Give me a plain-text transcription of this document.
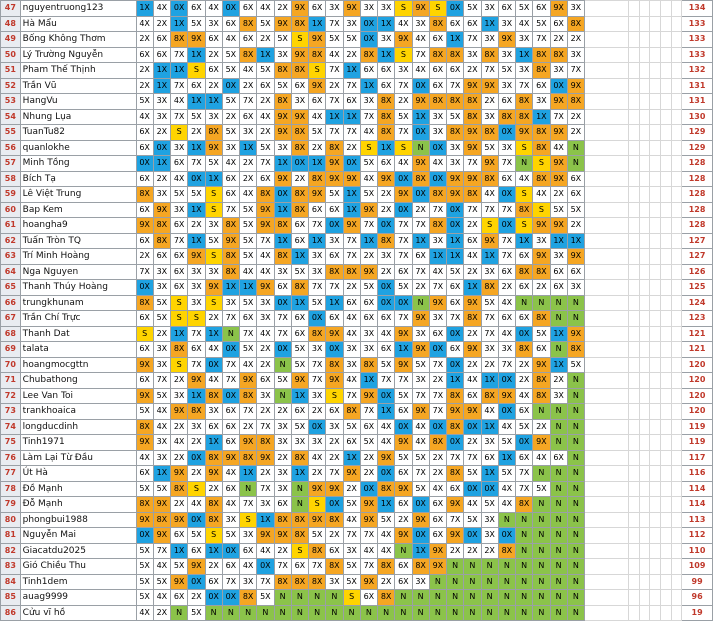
47	nguyentruong123	1X	4X	0X	6X	4X	0X	6X	4X	2X	9X	6X	3X	9X	3X	3X	S	9X	S	0X	5X	3X	6X	5X	6X	9X	3X							134
48	Hà Mẩu	4X	2X	1X	5X	3X	6X	8X	5X	9X	8X	1X	7X	3X	0X	1X	4X	3X	8X	6X	6X	1X	3X	4X	5X	6X	8X							133
49	Bống Không Thơm	2X	6X	8X	9X	6X	4X	6X	2X	5X	S	9X	5X	5X	0X	3X	9X	4X	6X	1X	7X	3X	9X	3X	7X	2X	2X							133
50	Lý Trường Nguyễn	6X	6X	7X	1X	2X	5X	8X	1X	3X	9X	8X	4X	2X	8X	1X	S	7X	8X	8X	3X	8X	3X	1X	8X	8X	3X							133
51	Pham Thế Thịnh	2X	1X	1X	S	6X	5X	4X	5X	8X	8X	S	7X	1X	6X	6X	3X	4X	6X	6X	2X	7X	5X	3X	8X	3X	7X							132
52	Trần Vũ	2X	1X	7X	6X	2X	0X	2X	6X	5X	6X	9X	2X	7X	1X	6X	7X	0X	6X	7X	9X	9X	3X	7X	6X	0X	9X							131
53	HangVu	5X	3X	4X	1X	1X	5X	7X	2X	8X	3X	6X	7X	6X	3X	8X	2X	9X	8X	8X	8X	2X	6X	8X	3X	9X	8X							131
54	Nhung Lụa	4X	3X	7X	5X	3X	2X	6X	4X	9X	9X	4X	1X	1X	7X	8X	5X	1X	3X	5X	8X	3X	8X	8X	1X	7X	2X							130
55	TuanTu82	6X	2X	S	2X	8X	5X	3X	2X	9X	8X	5X	7X	7X	4X	8X	7X	0X	3X	8X	9X	8X	0X	9X	8X	9X	2X							129
56	quanlokhe	6X	0X	3X	1X	9X	3X	1X	5X	3X	8X	2X	8X	2X	S	1X	S	N	0X	3X	9X	5X	3X	S	8X	4X	N							129
57	Minh Tồng	0X	1X	6X	7X	5X	4X	2X	7X	1X	0X	1X	9X	0X	5X	6X	4X	9X	4X	3X	7X	9X	7X	N	S	9X	N							128
58	Bích Tạ	6X	2X	4X	0X	1X	6X	2X	6X	9X	2X	8X	9X	9X	4X	9X	0X	8X	0X	9X	9X	8X	6X	4X	8X	9X	6X							128
59	Lê Việt Trung	8X	3X	5X	5X	S	6X	4X	8X	0X	8X	9X	5X	1X	5X	2X	9X	0X	8X	9X	8X	4X	0X	S	4X	2X	6X							128
60	Bap Kem	6X	9X	3X	1X	S	7X	5X	9X	1X	8X	6X	6X	1X	9X	2X	0X	2X	7X	0X	7X	7X	7X	8X	S	5X	5X							128
61	hoangha9	9X	8X	6X	2X	3X	8X	5X	9X	8X	6X	7X	0X	9X	7X	0X	7X	7X	8X	0X	2X	S	0X	S	9X	9X	2X							128
62	Tuấn Tròn TQ	6X	8X	7X	1X	5X	9X	5X	7X	1X	6X	1X	3X	7X	1X	8X	7X	1X	3X	1X	6X	9X	7X	1X	3X	1X	1X							127
63	Trí Minh Hoàng	2X	6X	6X	9X	S	8X	5X	4X	8X	1X	3X	6X	7X	2X	3X	7X	6X	1X	1X	4X	1X	7X	6X	9X	3X	9X							127
64	Nga Nguyen	7X	3X	6X	3X	3X	8X	4X	4X	3X	5X	3X	8X	8X	9X	2X	6X	7X	4X	5X	2X	3X	6X	8X	8X	6X	6X							126
65	Thanh Thúy Hoàng	0X	3X	6X	3X	9X	1X	1X	9X	6X	8X	7X	7X	2X	5X	0X	5X	2X	7X	6X	1X	8X	2X	6X	2X	6X	3X							125
66	trungkhunam	8X	5X	S	3X	S	3X	5X	3X	0X	1X	5X	1X	6X	6X	0X	0X	N	9X	6X	9X	5X	4X	N	N	N	N							124
67	Trần Chí Trực	6X	5X	S	S	2X	7X	6X	3X	7X	6X	0X	6X	4X	6X	6X	7X	9X	3X	7X	8X	7X	6X	6X	8X	N	N							123
68	Thanh Dat	S	2X	1X	7X	1X	N	7X	4X	7X	6X	8X	9X	4X	3X	4X	9X	3X	6X	0X	2X	7X	4X	0X	5X	1X	9X							121
69	talata	6X	3X	8X	6X	4X	0X	5X	2X	0X	5X	3X	0X	3X	3X	6X	1X	9X	0X	6X	9X	3X	3X	8X	6X	N	8X							121
70	hoangmocgttn	9X	3X	S	7X	0X	7X	4X	2X	N	5X	7X	8X	3X	8X	5X	9X	5X	7X	0X	2X	2X	7X	2X	9X	1X	5X							120
71	Chubathong	6X	7X	2X	9X	4X	7X	9X	6X	5X	9X	7X	9X	4X	1X	7X	7X	3X	2X	1X	4X	1X	0X	2X	8X	2X	N							120
72	Lee Van Toi	9X	5X	3X	1X	8X	0X	8X	3X	N	1X	3X	S	7X	9X	0X	5X	7X	7X	8X	6X	8X	9X	4X	8X	3X	N							120
73	trankhoaica	5X	4X	9X	8X	3X	6X	7X	2X	2X	6X	2X	6X	8X	7X	1X	6X	9X	7X	9X	9X	4X	0X	6X	N	N	N							120
74	longducdinh	8X	4X	2X	3X	6X	6X	2X	7X	3X	5X	0X	3X	5X	6X	4X	0X	4X	0X	8X	0X	1X	4X	5X	2X	N	N							119
75	Tinh1971	9X	3X	4X	2X	1X	6X	9X	8X	3X	3X	3X	2X	6X	5X	4X	9X	4X	8X	0X	2X	3X	5X	0X	9X	N	N							119
76	Làm Lại Từ Đầu	4X	3X	2X	0X	8X	9X	8X	9X	2X	8X	4X	2X	1X	2X	9X	5X	5X	2X	7X	7X	6X	1X	6X	4X	6X	N							117
77	Út Hà	6X	1X	9X	2X	9X	4X	1X	2X	3X	1X	2X	7X	9X	2X	0X	6X	7X	2X	8X	5X	1X	5X	7X	N	N	N							116
78	Đồ Mạnh	5X	5X	8X	S	2X	6X	N	7X	3X	N	9X	9X	2X	0X	8X	9X	5X	4X	6X	0X	0X	4X	7X	5X	N	N							114
79	Đỗ Mạnh	8X	9X	2X	4X	8X	4X	7X	3X	6X	N	S	0X	5X	9X	1X	6X	0X	6X	9X	4X	5X	4X	8X	N	N	N							114
80	phongbui1988	9X	8X	9X	0X	8X	3X	S	1X	8X	8X	9X	8X	4X	9X	5X	2X	9X	6X	7X	5X	3X	N	N	N	N	N							113
81	Nguyễn Mai	0X	9X	6X	5X	S	5X	3X	9X	9X	8X	5X	2X	7X	7X	4X	9X	0X	6X	9X	0X	3X	0X	N	N	N	N							112
82	Giacatdu2025	5X	7X	1X	6X	1X	0X	6X	4X	2X	S	8X	6X	3X	4X	4X	N	1X	9X	2X	2X	2X	8X	N	N	N	N							110
83	Gió Chiều Thu	5X	4X	5X	9X	2X	6X	4X	0X	7X	6X	7X	8X	5X	7X	8X	6X	8X	9X	N	N	N	N	N	N	N	N							109
84	Tinh1dem	5X	5X	9X	0X	6X	7X	3X	7X	8X	8X	8X	3X	5X	9X	2X	6X	3X	N	N	N	N	N	N	N	N	N							99
85	auag9999	5X	4X	6X	2X	0X	0X	8X	5X	N	N	N	N	S	6X	8X	N	N	N	N	N	N	N	N	N	N	N							96
86	Cửu vĩ hồ	4X	2X	N	5X	N	N	N	N	N	N	N	N	N	N	N	N	N	N	N	N	N	N	N	N	N	N							19
